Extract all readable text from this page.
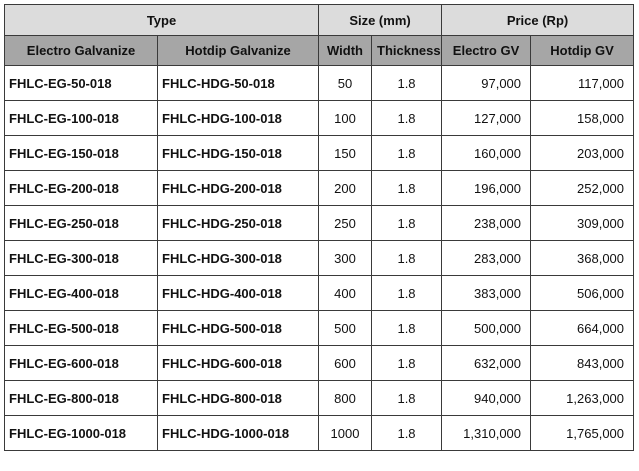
Type		Size (mm)		Price (Rp)	
Electro Galvanize	Hotdip Galvanize	Width	Thickness	Electro GV	Hotdip GV
FHLC-EG-50-018	FHLC-HDG-50-018	50	1.8	97,000	117,000
FHLC-EG-100-018	FHLC-HDG-100-018	100	1.8	127,000	158,000
FHLC-EG-150-018	FHLC-HDG-150-018	150	1.8	160,000	203,000
FHLC-EG-200-018	FHLC-HDG-200-018	200	1.8	196,000	252,000
FHLC-EG-250-018	FHLC-HDG-250-018	250	1.8	238,000	309,000
FHLC-EG-300-018	FHLC-HDG-300-018	300	1.8	283,000	368,000
FHLC-EG-400-018	FHLC-HDG-400-018	400	1.8	383,000	506,000
FHLC-EG-500-018	FHLC-HDG-500-018	500	1.8	500,000	664,000
FHLC-EG-600-018	FHLC-HDG-600-018	600	1.8	632,000	843,000
FHLC-EG-800-018	FHLC-HDG-800-018	800	1.8	940,000	1,263,000
FHLC-EG-1000-018	FHLC-HDG-1000-018	1000	1.8	1,310,000	1,765,000
